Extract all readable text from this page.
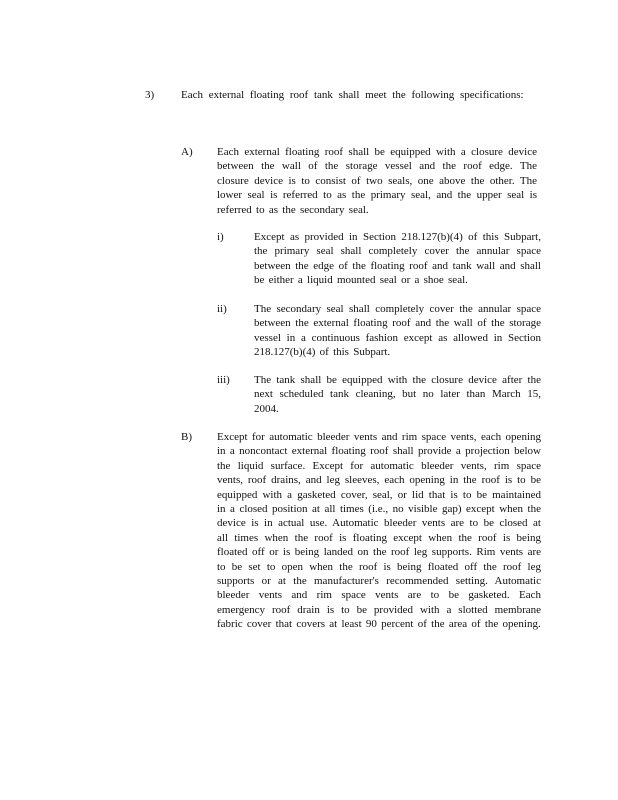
3) Each external floating roof tank shall meet the following specifications:

A) Each external floating roof shall be equipped with a closure device between the wall of the storage vessel and the roof edge. The closure device is to consist of two seals, one above the other. The lower seal is referred to as the primary seal, and the upper seal is referred to as the secondary seal.

i)	Except as provided in Section 218.127(b)(4) of this Subpart, the primary seal shall completely cover the annular space between the edge of the floating roof and tank wall and shall be either a liquid mounted seal or a shoe seal.

ii) The secondary seal shall completely cover the annular space between the external floating roof and the wall of the storage vessel in a continuous fashion except as allowed in Section 218.127(b)(4) of this Subpart.

iii) The tank shall be equipped with the closure device after the next scheduled tank cleaning, but no later than March 15, 2004.

B) Except for automatic bleeder vents and rim space vents, each opening in a noncontact external floating roof shall provide a projection below the liquid surface. Except for automatic bleeder vents, rim space vents, roof drains, and leg sleeves, each opening in the roof is to be equipped with a gasketed cover, seal, or lid that is to be maintained in a closed position at all times (i.e., no visible gap) except when the device is in actual use. Automatic bleeder vents are to be closed at all times when the roof is floating except when the roof is being floated off or is being landed on the roof leg supports. Rim vents are to be set to open when the roof is being floated off the roof leg supports or at the manufacturer's recommended setting. Automatic bleeder vents and rim space vents are to be gasketed. Each emergency roof drain is to be provided with a slotted membrane fabric cover that covers at least 90 percent of the area of the opening.
